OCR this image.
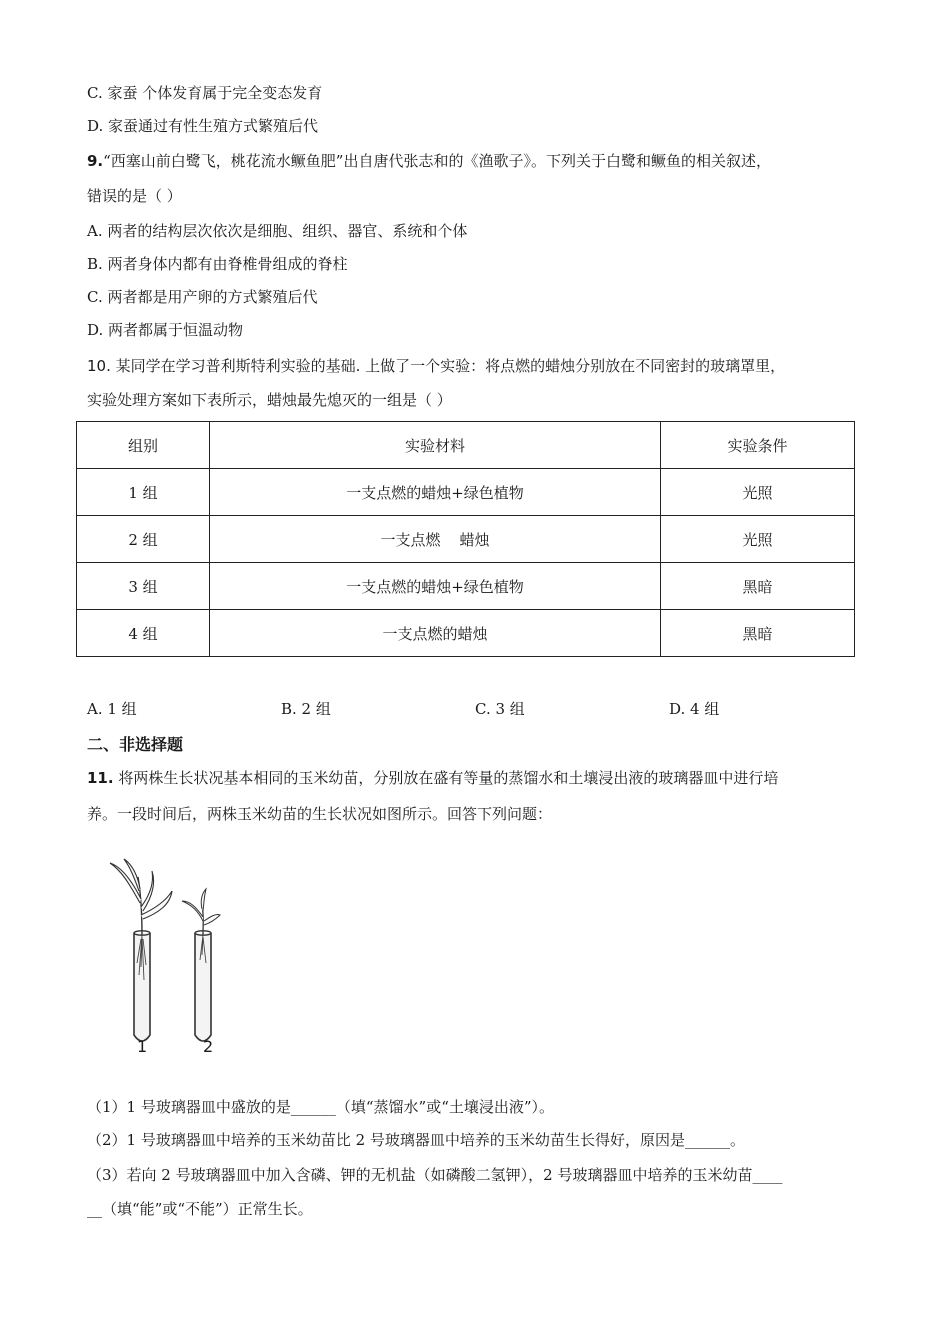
C. 家蚕 个体发育属于完全变态发育
D. 家蚕通过有性生殖方式繁殖后代
9.“西塞山前白鹭飞，桃花流水鳜鱼肥”出自唐代张志和的《渔歌子》。下列关于白鹭和鳜鱼的相关叙述，
错误的是（ ）
A. 两者的结构层次依次是细胞、组织、器官、系统和个体
B. 两者身体内都有由脊椎骨组成的脊柱
C. 两者都是用产卵的方式繁殖后代
D. 两者都属于恒温动物
10. 某同学在学习普利斯特利实验的基础. 上做了一个实验：将点燃的蜡烛分别放在不同密封的玻璃罩里，
实验处理方案如下表所示，蜡烛最先熄灭的一组是（ ）
组别	实验材料	实验条件
1 组	一支点燃的蜡烛+绿色植物	光照
2 组	一支点燃    蜡烛	光照
3 组	一支点燃的蜡烛+绿色植物	黑暗
4 组	一支点燃的蜡烛	黑暗
A. 1 组	B. 2 组	C. 3 组	D. 4 组
二、非选择题
11. 将两株生长状况基本相同的玉米幼苗，分别放在盛有等量的蒸馏水和土壤浸出液的玻璃器皿中进行培
养。一段时间后，两株玉米幼苗的生长状况如图所示。回答下列问题：
1	2
（1）1 号玻璃器皿中盛放的是______（填“蒸馏水”或“土壤浸出液”）。
（2）1 号玻璃器皿中培养的玉米幼苗比 2 号玻璃器皿中培养的玉米幼苗生长得好，原因是______。
（3）若向 2 号玻璃器皿中加入含磷、钾的无机盐（如磷酸二氢钾），2 号玻璃器皿中培养的玉米幼苗____
__（填“能”或“不能”）正常生长。
